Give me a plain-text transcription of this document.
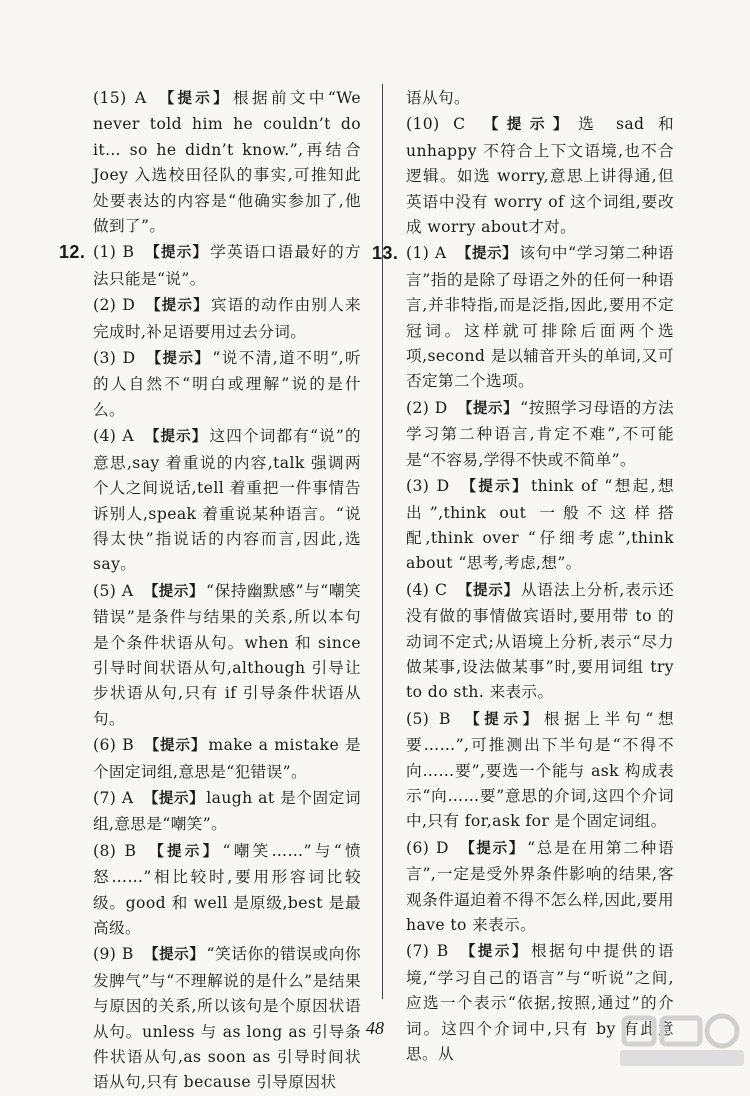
(15) A 【提示】 根据前文中“We never told him he couldn’t do it… so he didn’t know.”,再结合 Joey 入选校田径队的事实,可推知此处要表达的内容是“他确实参加了,他做到了”。
12. (1) B 【提示】 学英语口语最好的方法只能是“说”。
(2) D 【提示】 宾语的动作由别人来完成时,补足语要用过去分词。
(3) D 【提示】 “说不清,道不明”,听的人自然不“明白或理解”说的是什么。
(4) A 【提示】 这四个词都有“说”的意思,say 着重说的内容,talk 强调两个人之间说话,tell 着重把一件事情告诉别人,speak 着重说某种语言。“说得太快”指说话的内容而言,因此,选 say。
(5) A 【提示】 “保持幽默感”与“嘲笑错误”是条件与结果的关系,所以本句是个条件状语从句。when 和 since 引导时间状语从句,although 引导让步状语从句,只有 if 引导条件状语从句。
(6) B 【提示】 make a mistake 是个固定词组,意思是“犯错误”。
(7) A 【提示】 laugh at 是个固定词组,意思是“嘲笑”。
(8) B 【提示】 “嘲笑……”与“愤怒……”相比较时,要用形容词比较级。good 和 well 是原级,best 是最高级。
(9) B 【提示】 “笑话你的错误或向你发脾气”与“不理解说的是什么”是结果与原因的关系,所以该句是个原因状语从句。unless 与 as long as 引导条件状语从句,as soon as 引导时间状语从句,只有 because 引导原因状
语从句。
(10) C 【提示】 选 sad 和 unhappy 不符合上下文语境,也不合逻辑。如选 worry,意思上讲得通,但英语中没有 worry of 这个词组,要改成 worry about才对。
13. (1) A 【提示】 该句中“学习第二种语言”指的是除了母语之外的任何一种语言,并非特指,而是泛指,因此,要用不定冠词。这样就可排除后面两个选项,second 是以辅音开头的单词,又可否定第二个选项。
(2) D 【提示】 “按照学习母语的方法学习第二种语言,肯定不难”,不可能是“不容易,学得不快或不简单”。
(3) D 【提示】 think of “想起,想出”,think out 一般不这样搭配,think over “仔细考虑”,think about “思考,考虑,想”。
(4) C 【提示】 从语法上分析,表示还没有做的事情做宾语时,要用带 to 的动词不定式;从语境上分析,表示“尽力做某事,设法做某事”时,要用词组 try to do sth. 来表示。
(5) B 【提示】 根据上半句“想要……”,可推测出下半句是“不得不向……要”,要选一个能与 ask 构成表示“向……要”意思的介词,这四个介词中,只有 for,ask for 是个固定词组。
(6) D 【提示】 “总是在用第二种语言”,一定是受外界条件影响的结果,客观条件逼迫着不得不怎么样,因此,要用 have to 来表示。
(7) B 【提示】 根据句中提供的语境,“学习自己的语言”与“听说”之间,应选一个表示“依据,按照,通过”的介词。这四个介词中,只有 by 有此意思。从
48
